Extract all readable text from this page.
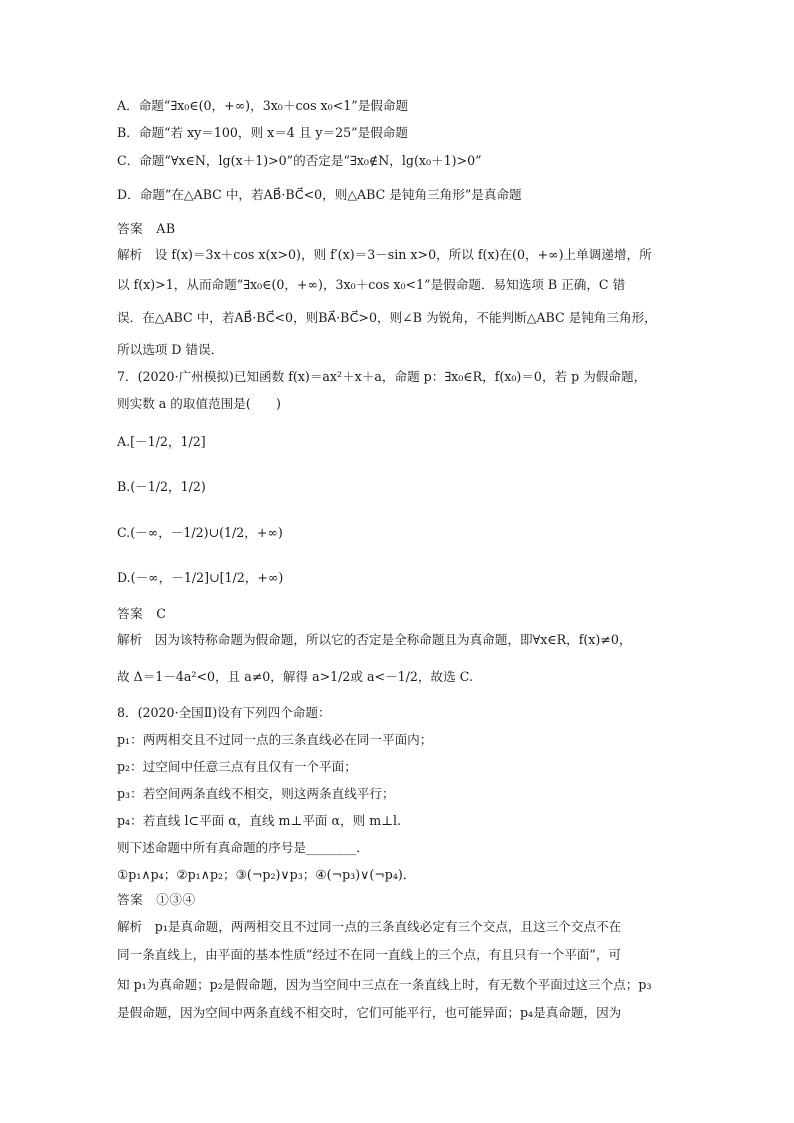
A．命题“∃x₀∈(0，+∞)，3x₀＋cos x₀<1”是假命题
B．命题“若 xy＝100，则 x＝4 且 y＝25”是假命题
C．命题“∀x∈N，lg(x＋1)>0”的否定是“∃x₀∉N，lg(x₀＋1)>0”
D．命题“在△ABC 中，若AB⃗·BC⃗<0，则△ABC 是钝角三角形”是真命题
答案　AB
解析　设 f(x)＝3x＋cos x(x>0)，则 f′(x)＝3－sin x>0，所以 f(x)在(0，+∞)上单调递增，所
以 f(x)>1，从而命题“∃x₀∈(0，+∞)，3x₀＋cos x₀<1”是假命题．易知选项 B 正确，C 错
误．在△ABC 中，若AB⃗·BC⃗<0，则BA⃗·BC⃗>0，则∠B 为锐角，不能判断△ABC 是钝角三角形，
所以选项 D 错误．
7．(2020·广州模拟)已知函数 f(x)＝ax²＋x＋a，命题 p：∃x₀∈R，f(x₀)＝0，若 p 为假命题，
则实数 a 的取值范围是(　　)
A.[－1/2，1/2]
B.(－1/2，1/2)
C.(－∞，－1/2)∪(1/2，+∞)
D.(－∞，－1/2]∪[1/2，+∞)
答案　C
解析　因为该特称命题为假命题，所以它的否定是全称命题且为真命题，即∀x∈R，f(x)≠0，
故 Δ＝1－4a²<0，且 a≠0，解得 a>1/2或 a<－1/2，故选 C.
8．(2020·全国Ⅱ)设有下列四个命题：
p₁：两两相交且不过同一点的三条直线必在同一平面内；
p₂：过空间中任意三点有且仅有一个平面；
p₃：若空间两条直线不相交，则这两条直线平行；
p₄：若直线 l⊂平面 α，直线 m⊥平面 α，则 m⊥l.
则下述命题中所有真命题的序号是________．
①p₁∧p₄；②p₁∧p₂；③(¬p₂)∨p₃；④(¬p₃)∨(¬p₄)．
答案　①③④
解析　p₁是真命题，两两相交且不过同一点的三条直线必定有三个交点，且这三个交点不在
同一条直线上，由平面的基本性质“经过不在同一直线上的三个点，有且只有一个平面”，可
知 p₁为真命题；p₂是假命题，因为当空间中三点在一条直线上时，有无数个平面过这三个点；p₃
是假命题，因为空间中两条直线不相交时，它们可能平行，也可能异面；p₄是真命题，因为
